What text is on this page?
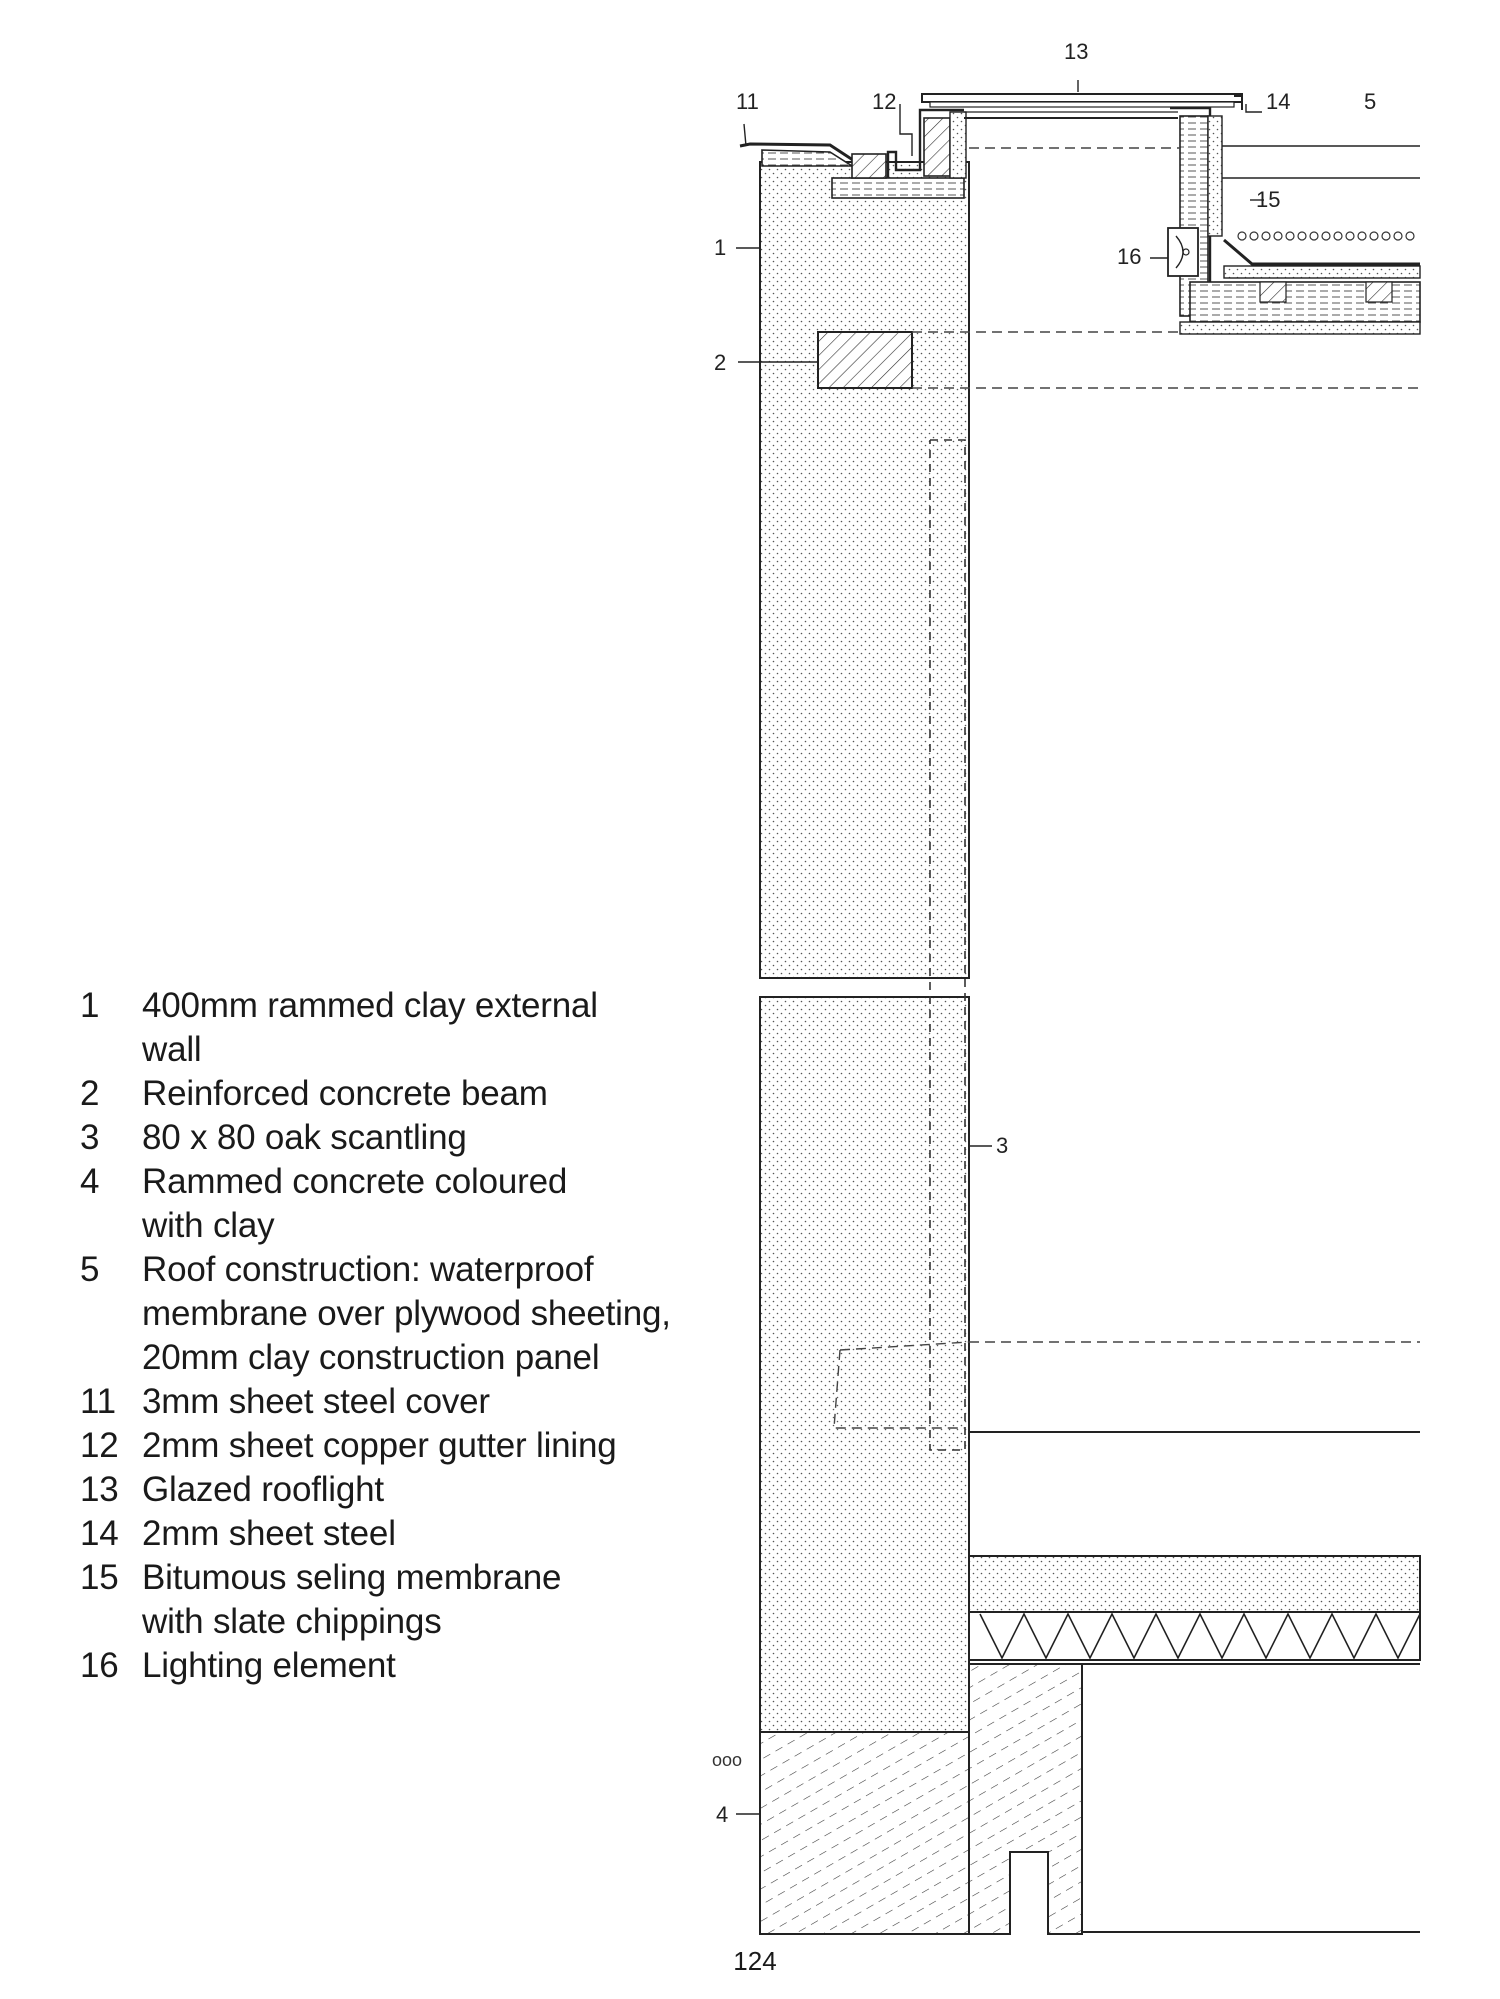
ooo
13
11	12	14	5
15
16
1
2
3
4
1	400mm rammed clay external
wall
2	Reinforced concrete beam
3	80 x 80 oak scantling
4	Rammed concrete coloured
with clay
5	Roof construction: waterproof
membrane over plywood sheeting,
20mm clay construction panel
11 3mm sheet steel cover
12 2mm sheet copper gutter lining
13 Glazed rooflight
14 2mm sheet steel
15 Bitumous seling membrane
with slate chippings
16 Lighting element
124
